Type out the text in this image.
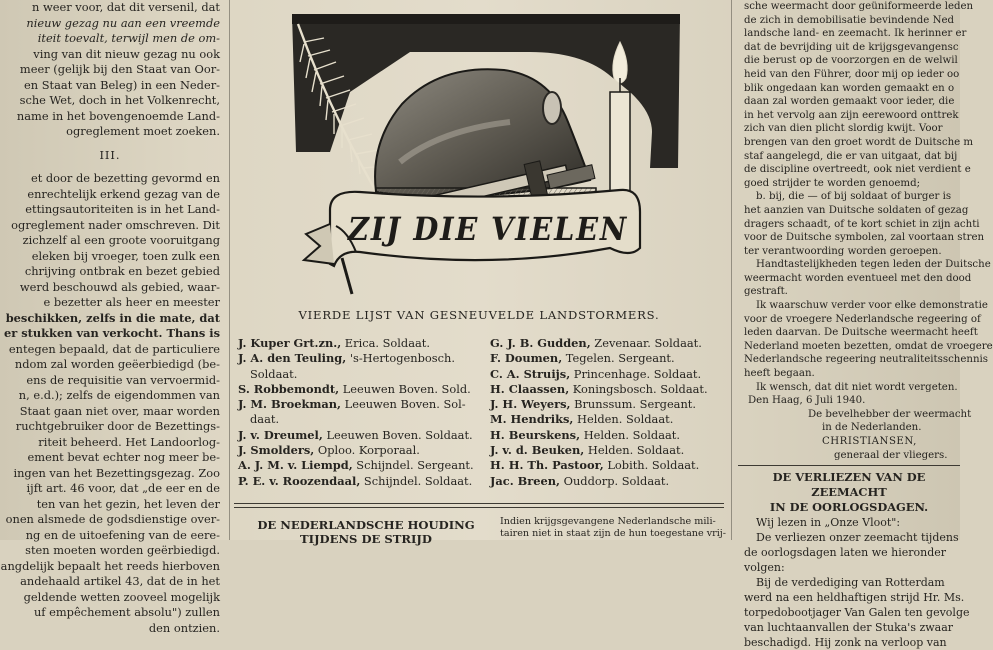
n weer voor, dat dit versenil, dat
nieuw gezag nu aan een vreemde
iteit toevalt, terwijl men de om-
ving van dit nieuw gezag nu ook
meer (gelijk bij den Staat van Oor-
en Staat van Beleg) in een Neder-
sche Wet, doch in het Volkenrecht,
name in het bovengenoemde Land-
ogreglement moet zoeken.
III.
et door de bezetting gevormd en
enrechtelijk erkend gezag van de
ettingsautoriteiten is in het Land-
ogreglement nader omschreven. Dit
zichzelf al een groote vooruitgang
eleken bij vroeger, toen zulk een
chrijving ontbrak en bezet gebied
werd beschouwd als gebied, waar-
e bezetter als heer en meester
beschikken, zelfs in die mate, dat
er stukken van verkocht. Thans is
entegen bepaald, dat de particuliere
ndom zal worden geëerbiedigd (be-
ens de requisitie van vervoermid-
n, e.d.); zelfs de eigendommen van
Staat gaan niet over, maar worden
ruchtgebruiker door de Bezettings-
riteit beheerd. Het Landoorlog-
ement bevat echter nog meer be-
ingen van het Bezettingsgezag. Zoo
ijft art. 46 voor, dat „de eer en de
ten van het gezin, het leven der
onen alsmede de godsdienstige over-
ng en de uitoefening van de eere-
sten moeten worden geërbiedigd.
angdelijk bepaalt het reeds hierboven
andehaald artikel 43, dat de in het
geldende wetten zooveel mogelijk
uf empêchement absolu") zullen
den ontzien.
ZIJ DIE VIELEN
VIERDE LIJST VAN GESNEUVELDE LANDSTORMERS.
J. Kuper Grt.zn., Erica. Soldaat.
J. A. den Teuling, 's-Hertogenbosch.
Soldaat.
S. Robbemondt, Leeuwen Boven. Sold.
J. M. Broekman, Leeuwen Boven. Sol-
daat.
J. v. Dreumel, Leeuwen Boven. Soldaat.
J. Smolders, Oploo. Korporaal.
A. J. M. v. Liempd, Schijndel. Sergeant.
P. E. v. Roozendaal, Schijndel. Soldaat.
G. J. B. Gudden, Zevenaar. Soldaat.
F. Doumen, Tegelen. Sergeant.
C. A. Struijs, Princenhage. Soldaat.
H. Claassen, Koningsbosch. Soldaat.
J. H. Weyers, Brunssum. Sergeant.
M. Hendriks, Helden. Soldaat.
H. Beurskens, Helden. Soldaat.
J. v. d. Beuken, Helden. Soldaat.
H. H. Th. Pastoor, Lobith. Soldaat.
Jac. Breen, Ouddorp. Soldaat.
DE NEDERLANDSCHE HOUDING
TIJDENS DE STRIJD
Indien krijgsgevangene Nederlandsche mili-
tairen niet in staat zijn de hun toegestane vrij-
sche weermacht door geüniformeerde leden
de zich in demobilisatie bevindende Ned
landsche land- en zeemacht. Ik herinner er
dat de bevrijding uit de krijgsgevangensc
die berust op de voorzorgen en de welwil
heid van den Führer, door mij op ieder oo
blik ongedaan kan worden gemaakt en o
daan zal worden gemaakt voor ieder, die
in het vervolg aan zijn eerewoord onttrek
zich van dien plicht slordig kwijt. Voor
brengen van den groet wordt de Duitsche m
staf aangelegd, die er van uitgaat, dat bij
de discipline overtreedt, ook niet verdient e
goed strijder te worden genoemd;
b. bij, die — of bij soldaat of burger is
het aanzien van Duitsche soldaten of gezag
dragers schaadt, of te kort schiet in zijn achti
voor de Duitsche symbolen, zal voortaan stren
ter verantwoording worden geroepen.
Handtastelijkheden tegen leden der Duitsche
weermacht worden eventueel met den dood
gestraft.
Ik waarschuw verder voor elke demonstratie
voor de vroegere Nederlandsche regeering of
leden daarvan. De Duitsche weermacht heeft
Nederland moeten bezetten, omdat de vroegere
Nederlandsche regeering neutraliteitsschennis
heeft begaan.
Ik wensch, dat dit niet wordt vergeten.
Den Haag, 6 Juli 1940.
De bevelhebber der weermacht
in de Nederlanden.
CHRISTIANSEN,
generaal der vliegers.
DE VERLIEZEN VAN DE ZEEMACHT
IN DE OORLOGSDAGEN.
Wij lezen in „Onze Vloot":
De verliezen onzer zeemacht tijdens
de oorlogsdagen laten we hieronder
volgen:
Bij de verdediging van Rotterdam
werd na een heldhaftigen strijd Hr. Ms.
torpedobootjager Van Galen ten gevolge
van luchtaanvallen der Stuka's zwaar
beschadigd. Hij zonk na verloop van
